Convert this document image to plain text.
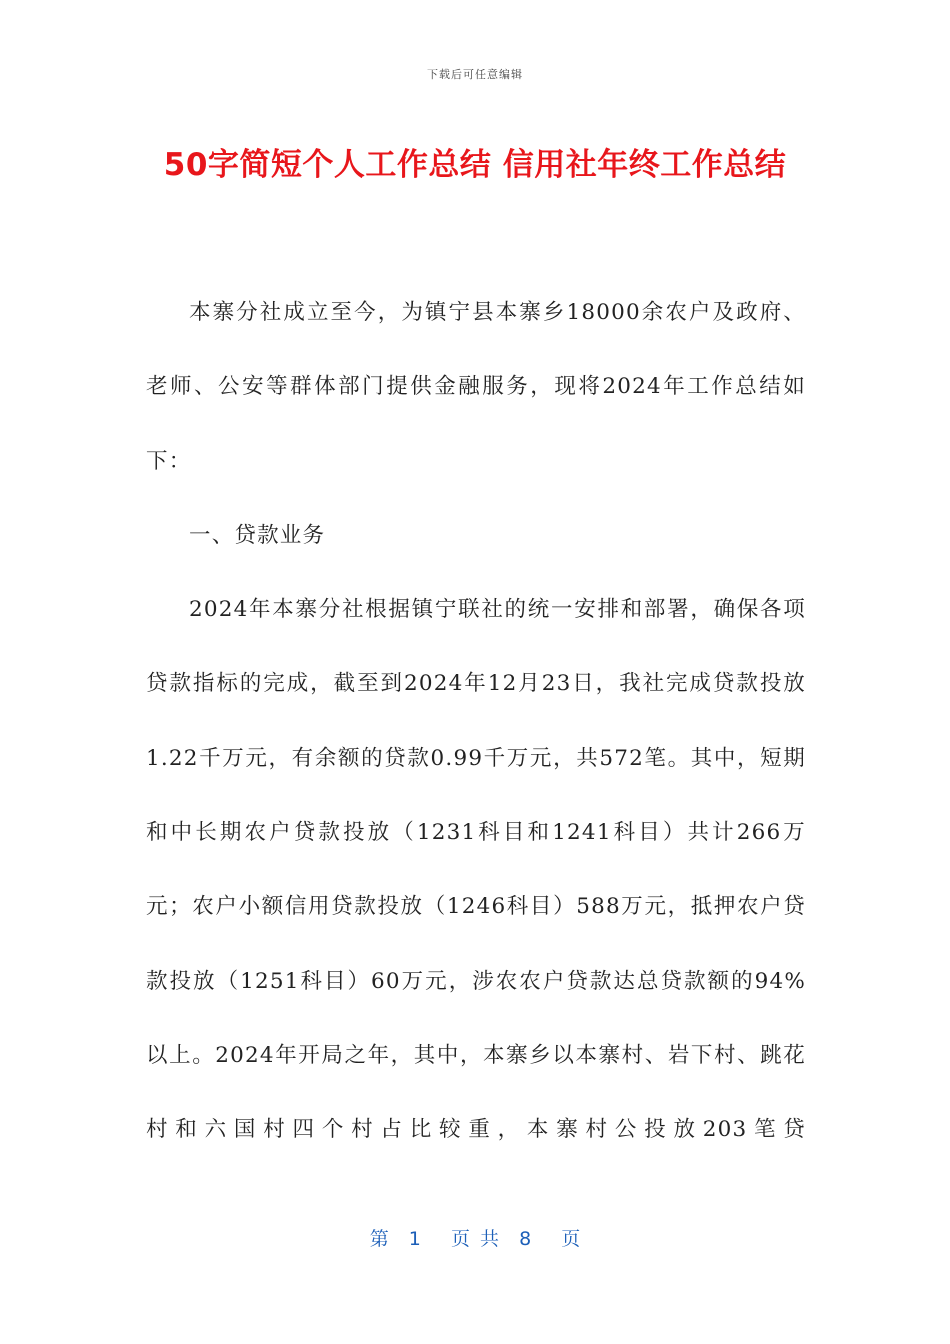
下载后可任意编辑
50字简短个人工作总结 信用社年终工作总结

本寨分社成立至今，为镇宁县本寨乡18000余农户及政府、老师、公安等群体部门提供金融服务，现将2024年工作总结如下：

一、贷款业务

2024年本寨分社根据镇宁联社的统一安排和部署，确保各项贷款指标的完成，截至到2024年12月23日，我社完成贷款投放1.22千万元，有余额的贷款0.99千万元，共572笔。其中，短期和中长期农户贷款投放（1231科目和1241科目）共计266万元；农户小额信用贷款投放（1246科目）588万元，抵押农户贷款投放（1251科目）60万元，涉农农户贷款达总贷款额的94%以上。2024年开局之年，其中，本寨乡以本寨村、岩下村、跳花村和六国村四个村占比较重，本寨村公投放203笔贷

第  1   页 共  8   页
